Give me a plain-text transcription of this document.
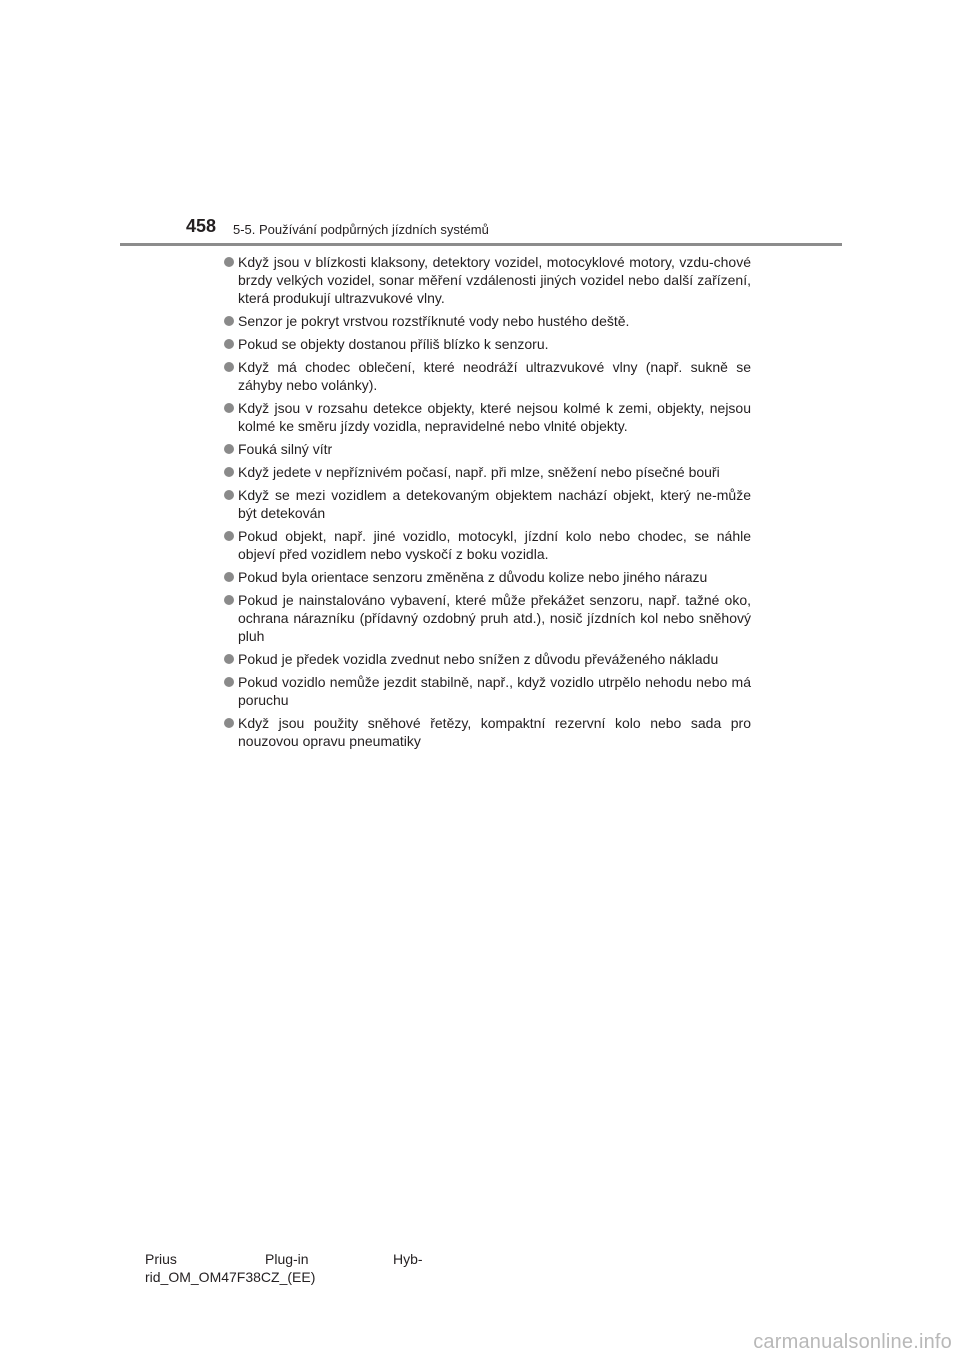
458 5-5. Používání podpůrných jízdních systémů
Když jsou v blízkosti klaksony, detektory vozidel, motocyklové motory, vzdu-chové brzdy velkých vozidel, sonar měření vzdálenosti jiných vozidel nebo další zařízení, která produkují ultrazvukové vlny.
Senzor je pokryt vrstvou rozstříknuté vody nebo hustého deště.
Pokud se objekty dostanou příliš blízko k senzoru.
Když má chodec oblečení, které neodráží ultrazvukové vlny (např. sukně se záhyby nebo volánky).
Když jsou v rozsahu detekce objekty, které nejsou kolmé k zemi, objekty, nejsou kolmé ke směru jízdy vozidla, nepravidelné nebo vlnité objekty.
Fouká silný vítr
Když jedete v nepříznivém počasí, např. při mlze, sněžení nebo písečné bouři
Když se mezi vozidlem a detekovaným objektem nachází objekt, který ne-může být detekován
Pokud objekt, např. jiné vozidlo, motocykl, jízdní kolo nebo chodec, se náhle objeví před vozidlem nebo vyskočí z boku vozidla.
Pokud byla orientace senzoru změněna z důvodu kolize nebo jiného nárazu
Pokud je nainstalováno vybavení, které může překážet senzoru, např. tažné oko, ochrana nárazníku (přídavný ozdobný pruh atd.), nosič jízdních kol nebo sněhový pluh
Pokud je předek vozidla zvednut nebo snížen z důvodu převáženého nákladu
Pokud vozidlo nemůže jezdit stabilně, např., když vozidlo utrpělo nehodu nebo má poruchu
Když jsou použity sněhové řetězy, kompaktní rezervní kolo nebo sada pro nouzovou opravu pneumatiky
Prius	Plug-in	Hyb-
rid_OM_OM47F38CZ_(EE)
carmanualsonline.info
